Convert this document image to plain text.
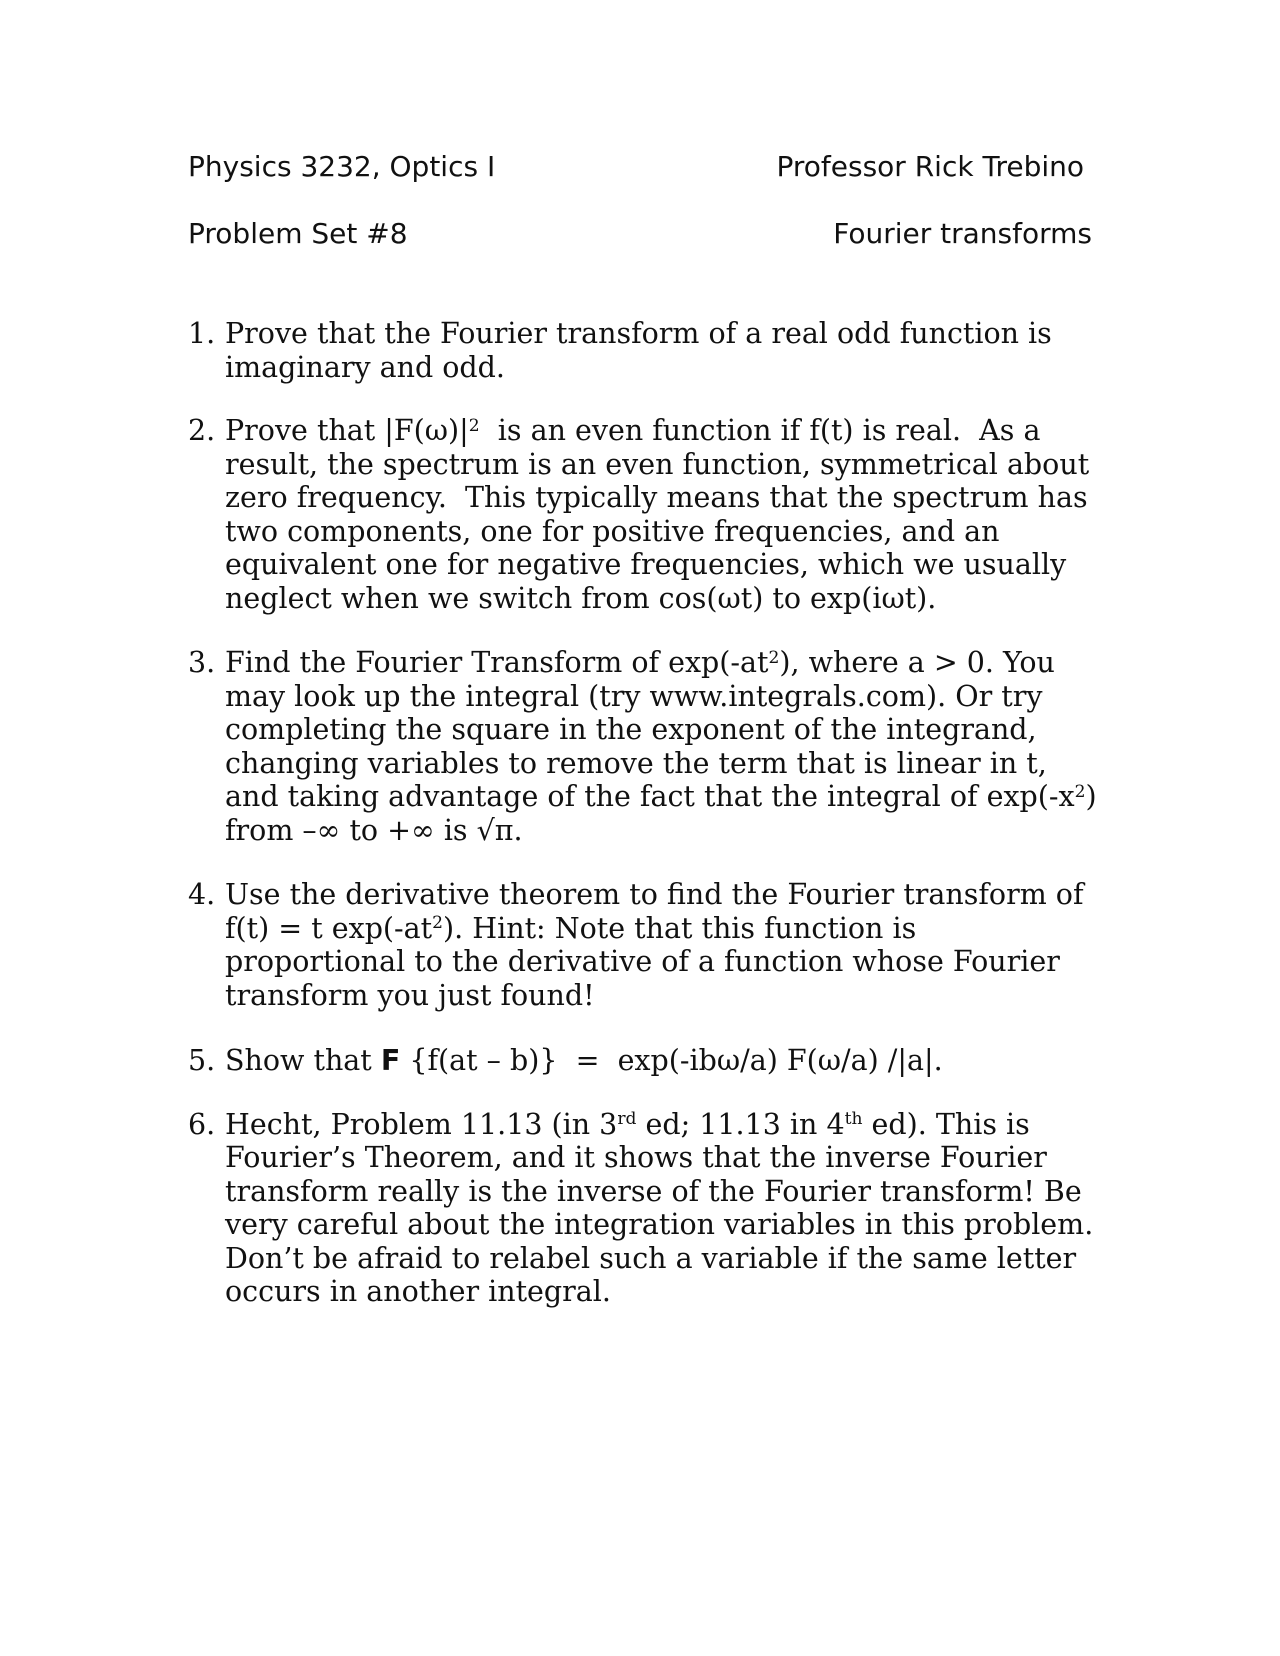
Physics 3232, Optics I	Professor Rick Trebino
Problem Set #8	Fourier transforms
1. Prove that the Fourier transform of a real odd function is imaginary and odd.
2. Prove that $|F(\omega)|^2$  is an even function if f(t) is real.  As a result, the spectrum is an even function, symmetrical about zero frequency.  This typically means that the spectrum has two components, one for positive frequencies, and an equivalent one for negative frequencies, which we usually neglect when we switch from cos(ωt) to exp(iωt).
3. Find the Fourier Transform of $\exp(-at^2)$, where a > 0. You may look up the integral (try www.integrals.com). Or try completing the square in the exponent of the integrand, changing variables to remove the term that is linear in t, and taking advantage of the fact that the integral of $\exp(-x^2)$ from –∞ to +∞ is √π.
4. Use the derivative theorem to find the Fourier transform of
f(t) = t $\exp(-at^2)$. Hint: Note that this function is proportional to the derivative of a function whose Fourier transform you just found!
5. Show that F {f(at – b)}  =  exp(-ibω/a) F(ω/a) /|a|.
6. Hecht, Problem 11.13 (in 3rd ed; 11.13 in 4th ed). This is Fourier’s Theorem, and it shows that the inverse Fourier transform really is the inverse of the Fourier transform! Be very careful about the integration variables in this problem. Don’t be afraid to relabel such a variable if the same letter occurs in another integral.
